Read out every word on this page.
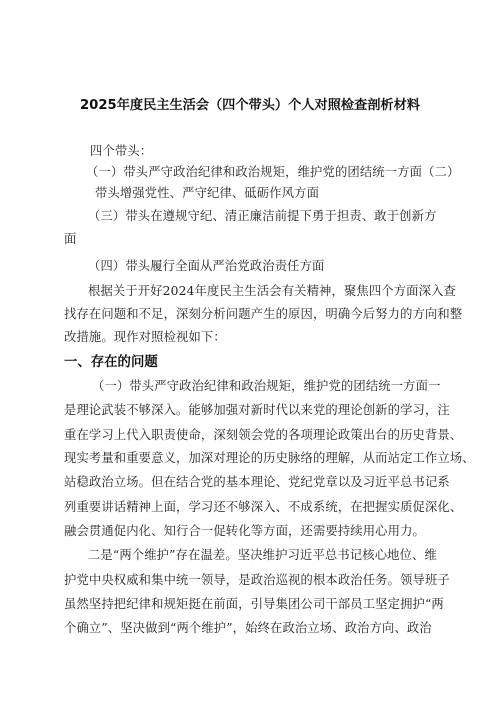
2025年度民主生活会（四个带头）个人对照检查剖析材料
四个带头：
（一）带头严守政治纪律和政治规矩，维护党的团结统一方面（二）
带头增强党性、严守纪律、砥砺作风方面
（三）带头在遵规守纪、清正廉洁前提下勇于担责、敢于创新方
面
（四）带头履行全面从严治党政治责任方面
根据关于开好2024年度民主生活会有关精神，聚焦四个方面深入查
找存在问题和不足，深刻分析问题产生的原因，明确今后努力的方向和整
改措施。现作对照检视如下：
一、存在的问题
（一）带头严守政治纪律和政治规矩，维护党的团结统一方面一
是理论武装不够深入。能够加强对新时代以来党的理论创新的学习，注
重在学习上代入职责使命，深刻领会党的各项理论政策出台的历史背景、
现实考量和重要意义，加深对理论的历史脉络的理解，从而站定工作立场、
站稳政治立场。但在结合党的基本理论、党纪党章以及习近平总书记系
列重要讲话精神上面，学习还不够深入、不成系统，在把握实质促深化、
融会贯通促内化、知行合一促转化等方面，还需要持续用心用力。
二是“两个维护”存在温差。坚决维护习近平总书记核心地位、维
护党中央权威和集中统一领导，是政治巡视的根本政治任务。领导班子
虽然坚持把纪律和规矩挺在前面，引导集团公司干部员工坚定拥护“两
个确立”、坚决做到“两个维护”，始终在政治立场、政治方向、政治
